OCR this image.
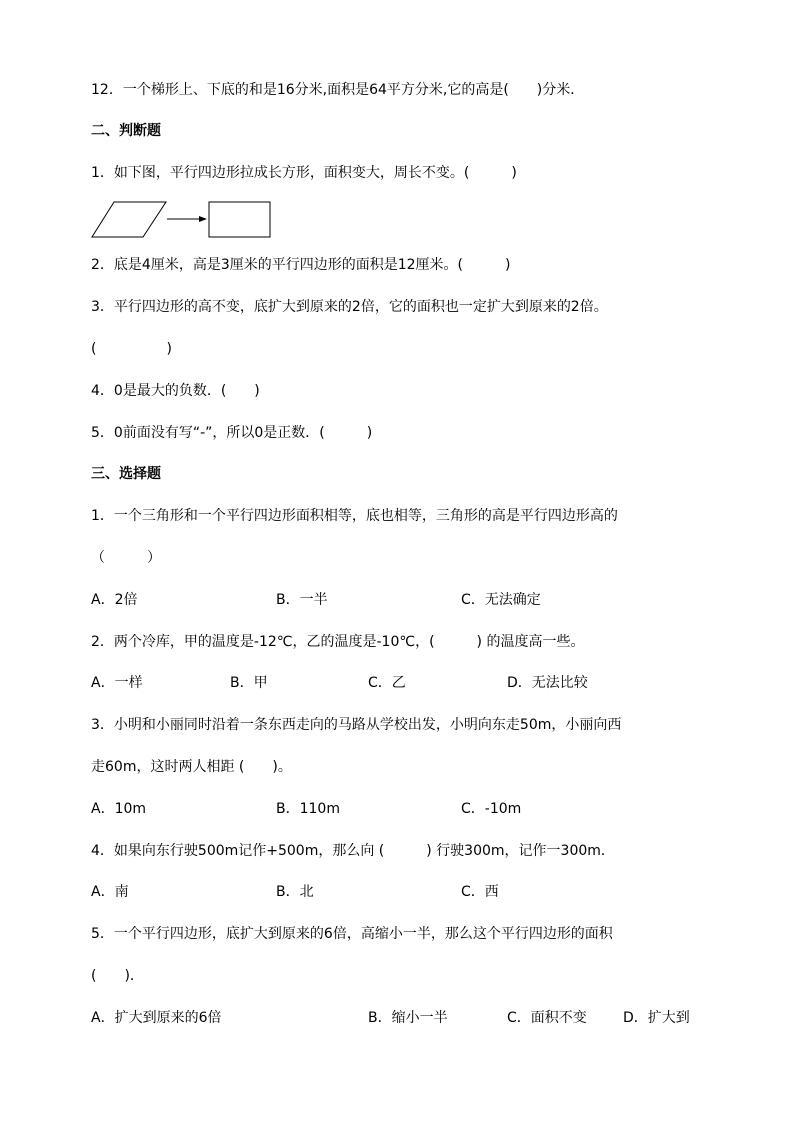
12．一个梯形上、下底的和是16分米,面积是64平方分米,它的高是(　　)分米．
二、判断题
1．如下图，平行四边形拉成长方形，面积变大，周长不变。(　　　)
2．底是4厘米，高是3厘米的平行四边形的面积是12厘米。(　　　)
3．平行四边形的高不变，底扩大到原来的2倍，它的面积也一定扩大到原来的2倍。
(　　　　　)
4．0是最大的负数．(　　)
5．0前面没有写“-”，所以0是正数．(　　　)
三、选择题
1．一个三角形和一个平行四边形面积相等，底也相等，三角形的高是平行四边形高的
（　　　）
A．2倍	B．一半	C．无法确定
2．两个冷库，甲的温度是-12℃，乙的温度是-10℃，(　　　) 的温度高一些。
A．一样	B．甲	C．乙	D．无法比较
3．小明和小丽同时沿着一条东西走向的马路从学校出发，小明向东走50m，小丽向西
走60m，这时两人相距 (　　)。
A．10m	B．110m	C．-10m
4．如果向东行驶500m记作+500m，那么向 (　　　) 行驶300m，记作一300m．
A．南	B．北	C．西
5．一个平行四边形，底扩大到原来的6倍，高缩小一半，那么这个平行四边形的面积
(　　)．
A．扩大到原来的6倍	B．缩小一半	C．面积不变	D．扩大到
